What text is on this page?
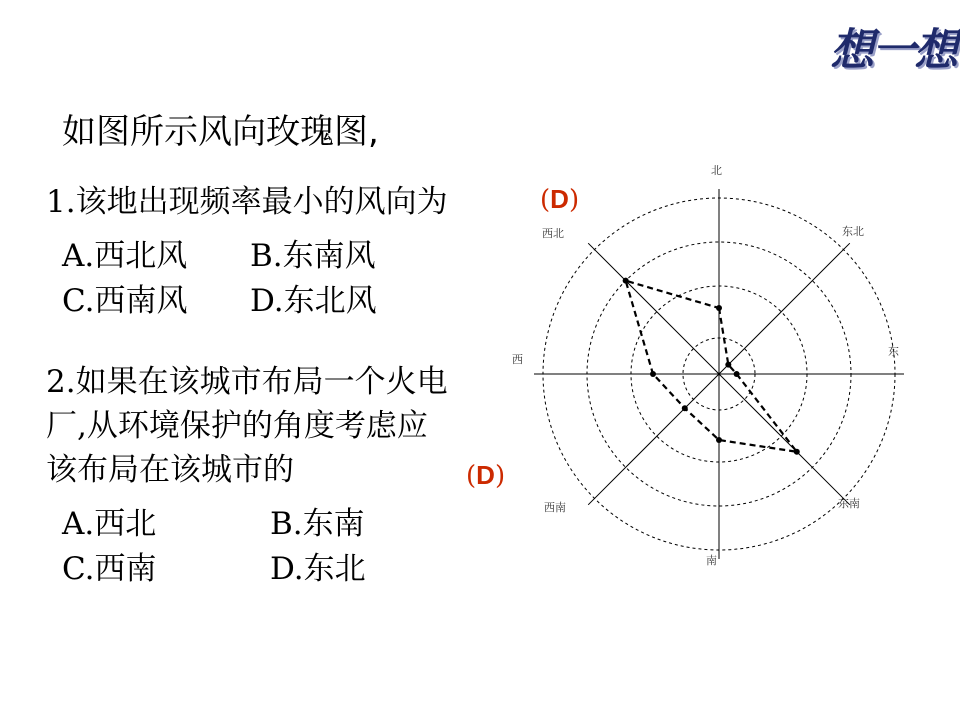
想一想
如图所示风向玫瑰图,
1.该地出现频率最小的风向为	(D)
A.西北风 B.东南风
C.西南风 D.东北风
2.如果在该城市布局一个火电
厂,从环境保护的角度考虑应
该布局在该城市的	(D)
A.西北	B.东南
C.西南	D.东北
北
东北
东
东南
南
西南
西
西北
